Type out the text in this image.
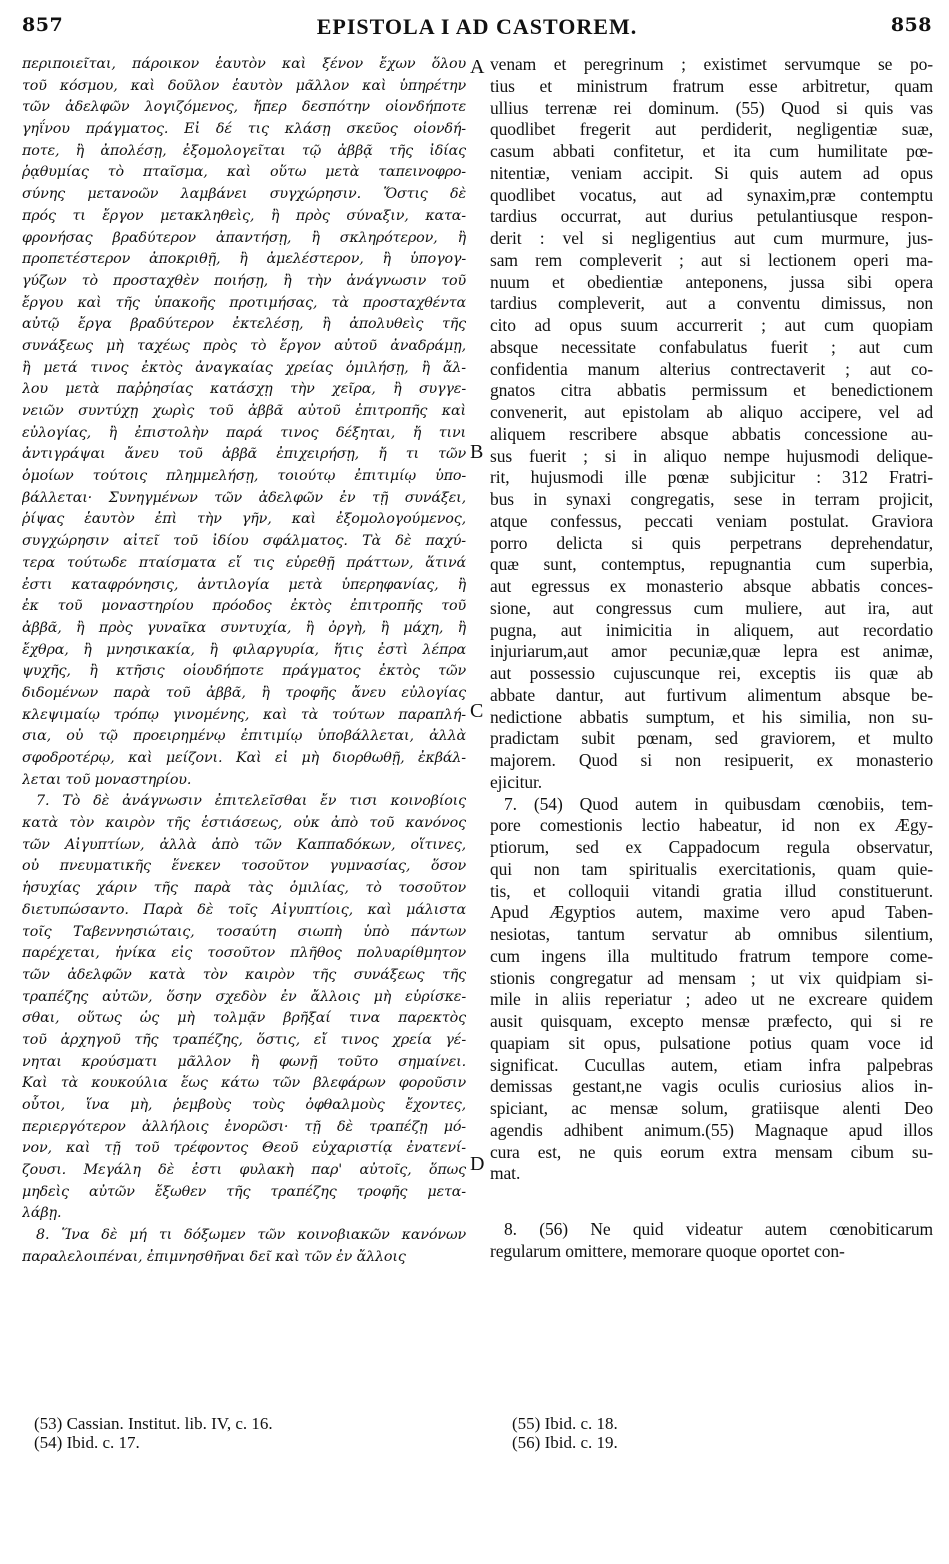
857	EPISTOLA I AD CASTOREM.	858
περιποιεῖται, πάροικον ἑαυτὸν καὶ ξένον ἔχων ὅλου
τοῦ κόσμου, καὶ δοῦλον ἑαυτὸν μᾶλλον καὶ ὑπηρέτην
τῶν ἀδελφῶν λογιζόμενος, ἤπερ δεσπότην οἱονδήποτε
γηΐνου πράγματος. Εἰ δέ τις κλάσῃ σκεῦος οἱονδή-
ποτε, ἢ ἀπολέσῃ, ἐξομολογεῖται τῷ ἀββᾷ τῆς ἰδίας
ῥᾳθυμίας τὸ πταῖσμα, καὶ οὕτω μετὰ ταπεινοφρο-
σύνης μετανοῶν λαμβάνει συγχώρησιν. Ὅστις δὲ
πρός τι ἔργον μετακληθεὶς, ἢ πρὸς σύναξιν, κατα-
φρονήσας βραδύτερον ἀπαντήσῃ, ἢ σκληρότερον, ἢ
προπετέστερον ἀποκριθῇ, ἢ ἀμελέστερον, ἢ ὑπογογ-
γύζων τὸ προσταχθὲν ποιήσῃ, ἢ τὴν ἀνάγνωσιν τοῦ
ἔργου καὶ τῆς ὑπακοῆς προτιμήσας, τὰ προσταχθέντα
αὐτῷ ἔργα βραδύτερον ἐκτελέσῃ, ἢ ἀπολυθεὶς τῆς
συνάξεως μὴ ταχέως πρὸς τὸ ἔργον αὐτοῦ ἀναδράμῃ,
ἢ μετά τινος ἐκτὸς ἀναγκαίας χρείας ὁμιλήσῃ, ἢ ἄλ-
λου μετὰ παῤῥησίας κατάσχῃ τὴν χεῖρα, ἢ συγγε-
νειῶν συντύχῃ χωρὶς τοῦ ἀββᾶ αὐτοῦ ἐπιτροπῆς καὶ
εὐλογίας, ἢ ἐπιστολὴν παρά τινος δέξηται, ἤ τινι
ἀντιγράψαι ἄνευ τοῦ ἀββᾶ ἐπιχειρήσῃ, ἤ τι τῶν
ὁμοίων τούτοις πλημμελήσῃ, τοιούτῳ ἐπιτιμίῳ ὑπο-
βάλλεται· Συνηγμένων τῶν ἀδελφῶν ἐν τῇ συνάξει,
ῥίψας ἑαυτὸν ἐπὶ τὴν γῆν, καὶ ἐξομολογούμενος,
συγχώρησιν αἰτεῖ τοῦ ἰδίου σφάλματος. Τὰ δὲ παχύ-
τερα τούτωδε πταίσματα εἴ τις εὑρεθῇ πράττων, ἅτινά
ἐστι καταφρόνησις, ἀντιλογία μετὰ ὑπερηφανίας, ἢ
ἐκ τοῦ μοναστηρίου πρόοδος ἐκτὸς ἐπιτροπῆς τοῦ
ἀββᾶ, ἢ πρὸς γυναῖκα συντυχία, ἢ ὀργὴ, ἢ μάχη, ἢ
ἔχθρα, ἢ μνησικακία, ἢ φιλαργυρία, ἥτις ἐστὶ λέπρα
ψυχῆς, ἢ κτῆσις οἱουδήποτε πράγματος ἐκτὸς τῶν
διδομένων παρὰ τοῦ ἀββᾶ, ἢ τροφῆς ἄνευ εὐλογίας
κλεψιμαίῳ τρόπῳ γινομένης, καὶ τὰ τούτων παραπλή-
σια, οὐ τῷ προειρημένῳ ἐπιτιμίῳ ὑποβάλλεται, ἀλλὰ
σφοδροτέρῳ, καὶ μείζονι. Καὶ εἰ μὴ διορθωθῇ, ἐκβάλ-
λεται τοῦ μοναστηρίου.
7. Τὸ δὲ ἀνάγνωσιν ἐπιτελεῖσθαι ἔν τισι κοινοβίοις
κατὰ τὸν καιρὸν τῆς ἑστιάσεως, οὐκ ἀπὸ τοῦ κανόνος
τῶν Αἰγυπτίων, ἀλλὰ ἀπὸ τῶν Καππαδόκων, οἵτινες,
οὐ πνευματικῆς ἕνεκεν τοσοῦτον γυμνασίας, ὅσον
ἡσυχίας χάριν τῆς παρὰ τὰς ὁμιλίας, τὸ τοσοῦτον
διετυπώσαντο. Παρὰ δὲ τοῖς Αἰγυπτίοις, καὶ μάλιστα
τοῖς Ταβεννησιώταις, τοσαύτη σιωπὴ ὑπὸ πάντων
παρέχεται, ἡνίκα εἰς τοσοῦτον πλῆθος πολυαρίθμητον
τῶν ἀδελφῶν κατὰ τὸν καιρὸν τῆς συνάξεως τῆς
τραπέζης αὐτῶν, ὅσην σχεδὸν ἐν ἄλλοις μὴ εὑρίσκε-
σθαι, οὕτως ὡς μὴ τολμᾷν βρῆξαί τινα παρεκτὸς
τοῦ ἀρχηγοῦ τῆς τραπέζης, ὅστις, εἴ τινος χρεία γέ-
νηται κρούσματι μᾶλλον ἢ φωνῇ τοῦτο σημαίνει.
Καὶ τὰ κουκούλια ἕως κάτω τῶν βλεφάρων φοροῦσιν
οὗτοι, ἵνα μὴ, ῥεμβοὺς τοὺς ὀφθαλμοὺς ἔχοντες,
περιεργότερον ἀλλήλοις ἐνορῶσι· τῇ δὲ τραπέζῃ μό-
νον, καὶ τῇ τοῦ τρέφοντος Θεοῦ εὐχαριστίᾳ ἐνατενί-
ζουσι. Μεγάλη δὲ ἐστι φυλακὴ παρ' αὐτοῖς, ὅπως
μηδεὶς αὐτῶν ἔξωθεν τῆς τραπέζης τροφῆς μετα-
λάβῃ.
8. Ἵνα δὲ μή τι δόξωμεν τῶν κοινοβιακῶν κανόνων
παραλελοιπέναι, ἐπιμνησθῆναι δεῖ καὶ τῶν ἐν ἄλλοις
A
B
C
D
venam et peregrinum ; existimet servumque se po-
tius et ministrum fratrum esse arbitretur, quam
ullius terrenæ rei dominum. (55) Quod si quis vas
quodlibet fregerit aut perdiderit, negligentiæ suæ,
casum abbati confitetur, et ita cum humilitate pœ-
nitentiæ, veniam accipit. Si quis autem ad opus
quodlibet vocatus, aut ad synaxim,præ contemptu
tardius occurrat, aut durius petulantiusque respon-
derit : vel si negligentius aut cum murmure, jus-
sam rem compleverit ; aut si lectionem operi ma-
nuum et obedientiæ anteponens, jussa sibi opera
tardius compleverit, aut a conventu dimissus, non
cito ad opus suum accurrerit ; aut cum quopiam
absque necessitate confabulatus fuerit ; aut cum
confidentia manum alterius contrectaverit ; aut co-
gnatos citra abbatis permissum et benedictionem
convenerit, aut epistolam ab aliquo accipere, vel ad
aliquem rescribere absque abbatis concessione au-
sus fuerit ; si in aliquo nempe hujusmodi delique-
rit, hujusmodi ille pœnæ subjicitur : 312 Fratri-
bus in synaxi congregatis, sese in terram projicit,
atque confessus, peccati veniam postulat. Graviora
porro delicta si quis perpetrans deprehendatur,
quæ sunt, contemptus, repugnantia cum superbia,
aut egressus ex monasterio absque abbatis conces-
sione, aut congressus cum muliere, aut ira, aut
pugna, aut inimicitia in aliquem, aut recordatio
injuriarum,aut amor pecuniæ,quæ lepra est animæ,
aut possessio cujuscunque rei, exceptis iis quæ ab
abbate dantur, aut furtivum alimentum absque be-
nedictione abbatis sumptum, et his similia, non su-
pradictam subit pœnam, sed graviorem, et multo
majorem. Quod si non resipuerit, ex monasterio
ejicitur.
7. (54) Quod autem in quibusdam cœnobiis, tem-
pore comestionis lectio habeatur, id non ex Ægy-
ptiorum, sed ex Cappadocum regula observatur,
qui non tam spiritualis exercitationis, quam quie-
tis, et colloquii vitandi gratia illud constituerunt.
Apud Ægyptios autem, maxime vero apud Taben-
nesiotas, tantum servatur ab omnibus silentium,
cum ingens illa multitudo fratrum tempore come-
stionis congregatur ad mensam ; ut vix quidpiam si-
mile in aliis reperiatur ; adeo ut ne excreare quidem
ausit quisquam, excepto mensæ præfecto, qui si re
quapiam sit opus, pulsatione potius quam voce id
significat. Cucullas autem, etiam infra palpebras
demissas gestant,ne vagis oculis curiosius alios in-
spiciant, ac mensæ solum, gratiisque alenti Deo
agendis adhibent animum.(55) Magnaque apud illos
cura est, ne quis eorum extra mensam cibum su-
mat.
8. (56) Ne quid videatur autem cœnobiticarum
regularum omittere, memorare quoque oportet con-
(53) Cassian. Institut. lib. IV, c. 16.
(54) Ibid. c. 17.
(55) Ibid. c. 18.
(56) Ibid. c. 19.
